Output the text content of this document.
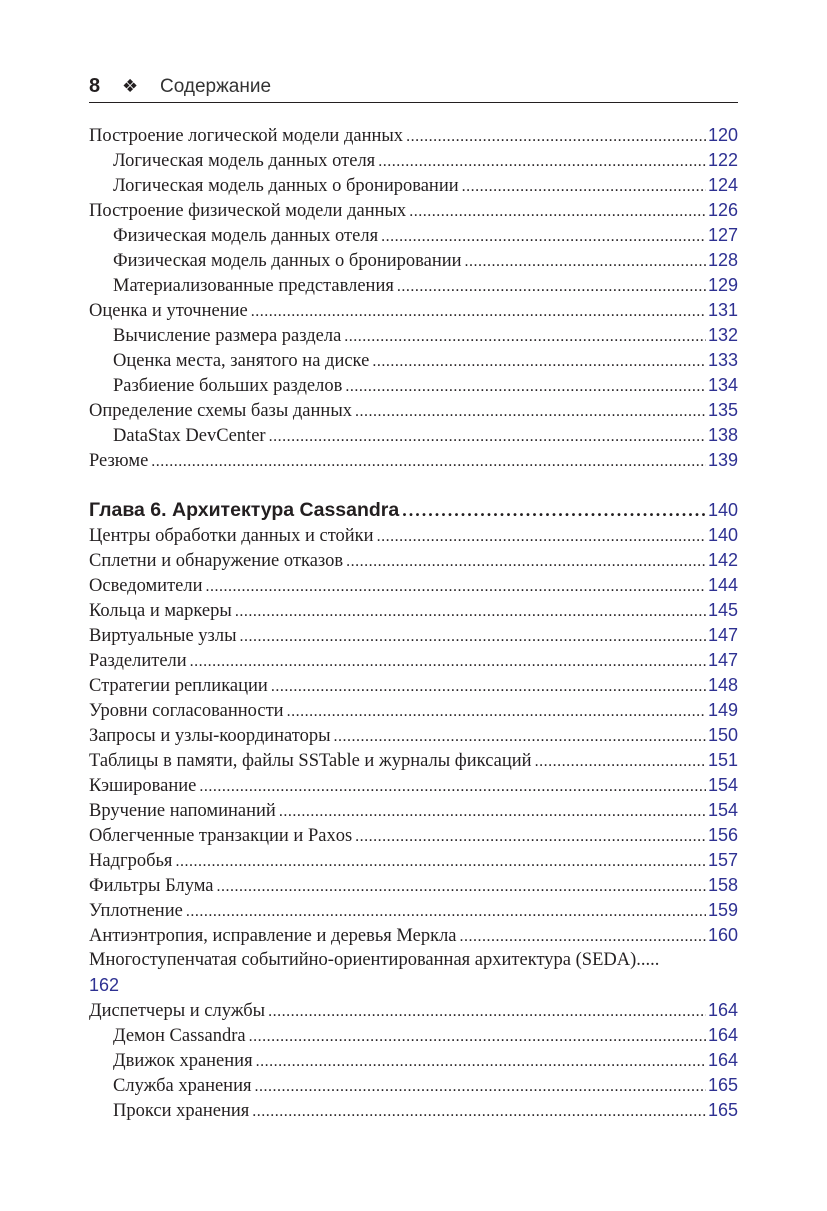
8 ❖ Содержание
Построение логической модели данных .....	120
Логическая модель данных отеля .....	122
Логическая модель данных о бронировании .....	124
Построение физической модели данных .....	126
Физическая модель данных отеля .....	127
Физическая модель данных о бронировании .....	128
Материализованные представления .....	129
Оценка и уточнение .....	131
Вычисление размера раздела .....	132
Оценка места, занятого на диске .....	133
Разбиение больших разделов .....	134
Определение схемы базы данных .....	135
DataStax DevCenter .....	138
Резюме .....	139
Глава 6. Архитектура Cassandra .....	140
Центры обработки данных и стойки .....	140
Сплетни и обнаружение отказов .....	142
Осведомители .....	144
Кольца и маркеры .....	145
Виртуальные узлы .....	147
Разделители .....	147
Стратегии репликации .....	148
Уровни согласованности .....	149
Запросы и узлы-координаторы .....	150
Таблицы в памяти, файлы SSTable и журналы фиксаций .....	151
Кэширование .....	154
Вручение напоминаний .....	154
Облегченные транзакции и Paxos .....	156
Надгробья .....	157
Фильтры Блума .....	158
Уплотнение .....	159
Антиэнтропия, исправление и деревья Меркла .....	160
Многоступенчатая событийно-ориентированная архитектура (SEDA).....
162
Диспетчеры и службы .....	164
Демон Cassandra .....	164
Движок хранения .....	164
Служба хранения .....	165
Прокси хранения .....	165
